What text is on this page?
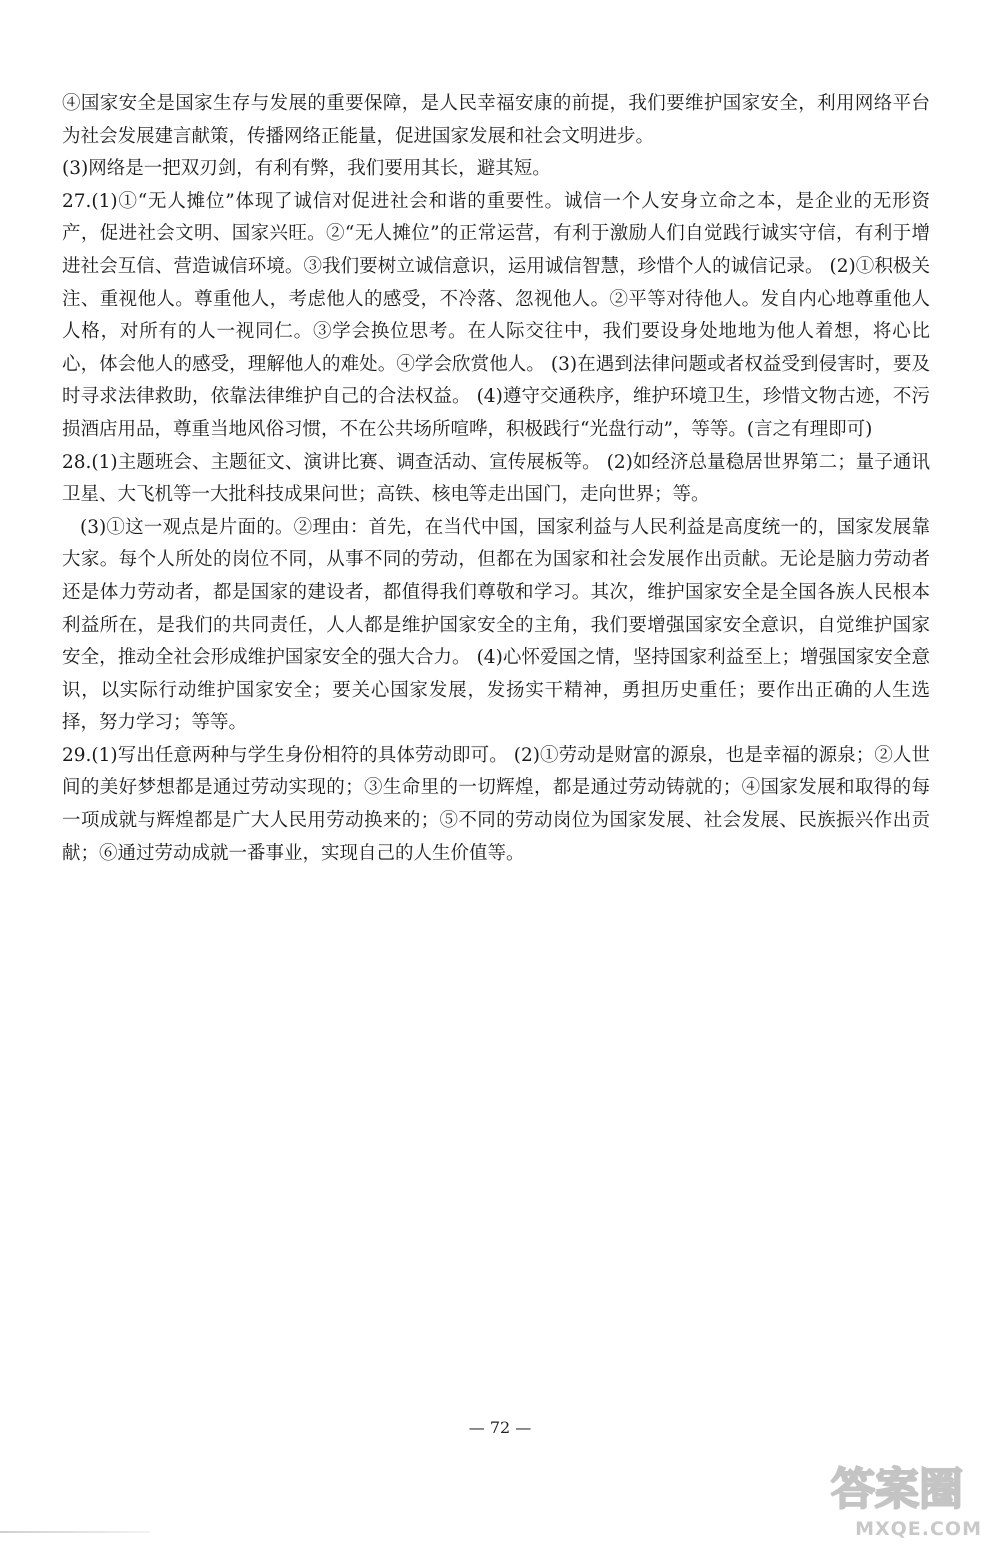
④国家安全是国家生存与发展的重要保障，是人民幸福安康的前提，我们要维护国家安全，利用网络平台为社会发展建言献策，传播网络正能量，促进国家发展和社会文明进步。

(3)网络是一把双刃剑，有利有弊，我们要用其长，避其短。

27.(1)①“无人摊位”体现了诚信对促进社会和谐的重要性。诚信一个人安身立命之本，是企业的无形资产，促进社会文明、国家兴旺。②“无人摊位”的正常运营，有利于激励人们自觉践行诚实守信，有利于增进社会互信、营造诚信环境。③我们要树立诚信意识，运用诚信智慧，珍惜个人的诚信记录。 (2)①积极关注、重视他人。尊重他人，考虑他人的感受，不冷落、忽视他人。②平等对待他人。发自内心地尊重他人人格，对所有的人一视同仁。③学会换位思考。在人际交往中，我们要设身处地地为他人着想，将心比心，体会他人的感受，理解他人的难处。④学会欣赏他人。 (3)在遇到法律问题或者权益受到侵害时，要及时寻求法律救助，依靠法律维护自己的合法权益。 (4)遵守交通秩序，维护环境卫生，珍惜文物古迹，不污损酒店用品，尊重当地风俗习惯，不在公共场所喧哗，积极践行“光盘行动”，等等。(言之有理即可)

28.(1)主题班会、主题征文、演讲比赛、调查活动、宣传展板等。 (2)如经济总量稳居世界第二；量子通讯卫星、大飞机等一大批科技成果问世；高铁、核电等走出国门，走向世界；等。

(3)①这一观点是片面的。②理由：首先，在当代中国，国家利益与人民利益是高度统一的，国家发展靠大家。每个人所处的岗位不同，从事不同的劳动，但都在为国家和社会发展作出贡献。无论是脑力劳动者还是体力劳动者，都是国家的建设者，都值得我们尊敬和学习。其次，维护国家安全是全国各族人民根本利益所在，是我们的共同责任，人人都是维护国家安全的主角，我们要增强国家安全意识，自觉维护国家安全，推动全社会形成维护国家安全的强大合力。 (4)心怀爱国之情，坚持国家利益至上；增强国家安全意识，以实际行动维护国家安全；要关心国家发展，发扬实干精神，勇担历史重任；要作出正确的人生选择，努力学习；等等。

29.(1)写出任意两种与学生身份相符的具体劳动即可。 (2)①劳动是财富的源泉，也是幸福的源泉；②人世间的美好梦想都是通过劳动实现的；③生命里的一切辉煌，都是通过劳动铸就的；④国家发展和取得的每一项成就与辉煌都是广大人民用劳动换来的；⑤不同的劳动岗位为国家发展、社会发展、民族振兴作出贡献；⑥通过劳动成就一番事业，实现自己的人生价值等。

— 72 —
答案圈
MXQE.COM
